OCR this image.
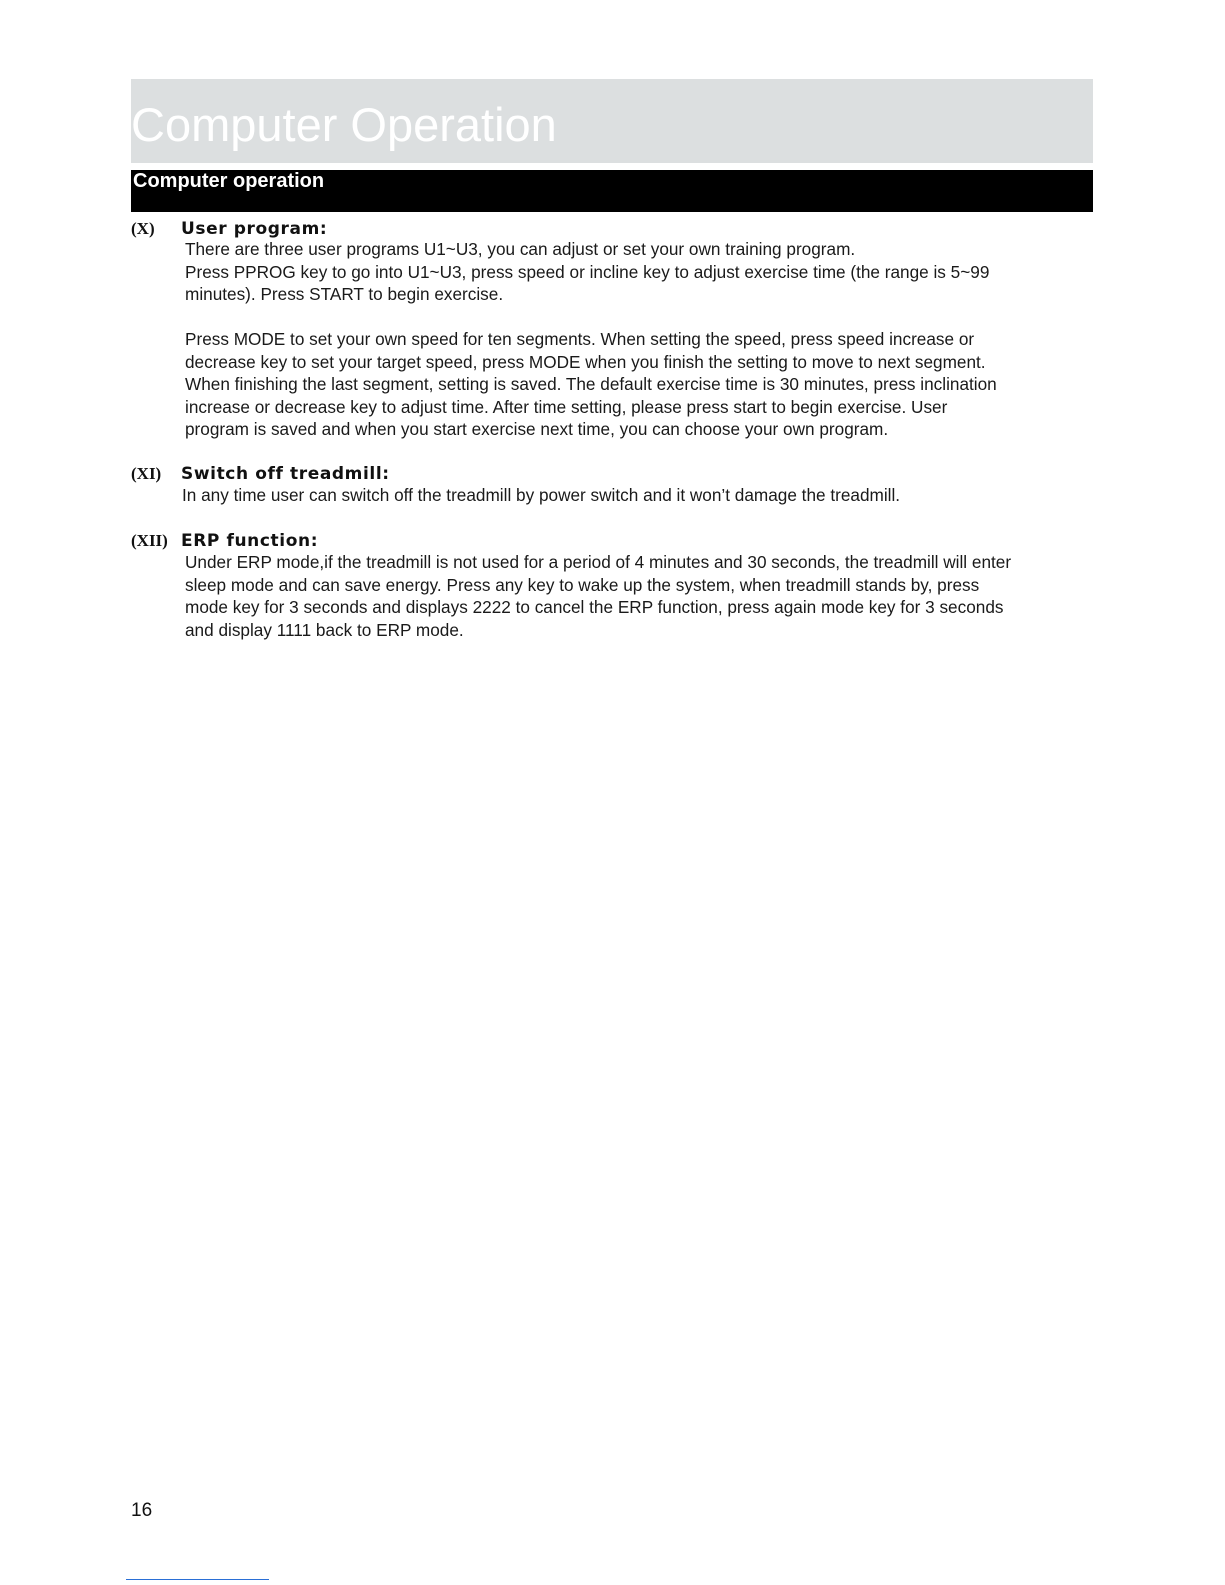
Computer Operation
Computer operation
(X) User program:
There are three user programs U1~U3, you can adjust or set your own training program.
Press PPROG key to go into U1~U3, press speed or incline key to adjust exercise time (the range is 5~99
minutes). Press START to begin exercise.
Press MODE to set your own speed for ten segments. When setting the speed, press speed increase or
decrease key to set your target speed, press MODE when you finish the setting to move to next segment.
When finishing the last segment, setting is saved. The default exercise time is 30 minutes, press inclination
increase or decrease key to adjust time. After time setting, please press start to begin exercise. User
program is saved and when you start exercise next time, you can choose your own program.
(XI) Switch off treadmill:
In any time user can switch off the treadmill by power switch and it won’t damage the treadmill.
(XII) ERP function:
Under ERP mode,if the treadmill is not used for a period of 4 minutes and 30 seconds, the treadmill will enter
sleep mode and can save energy. Press any key to wake up the system, when treadmill stands by, press
mode key for 3 seconds and displays 2222 to cancel the ERP function, press again mode key for 3 seconds
and display 1111 back to ERP mode.
16
